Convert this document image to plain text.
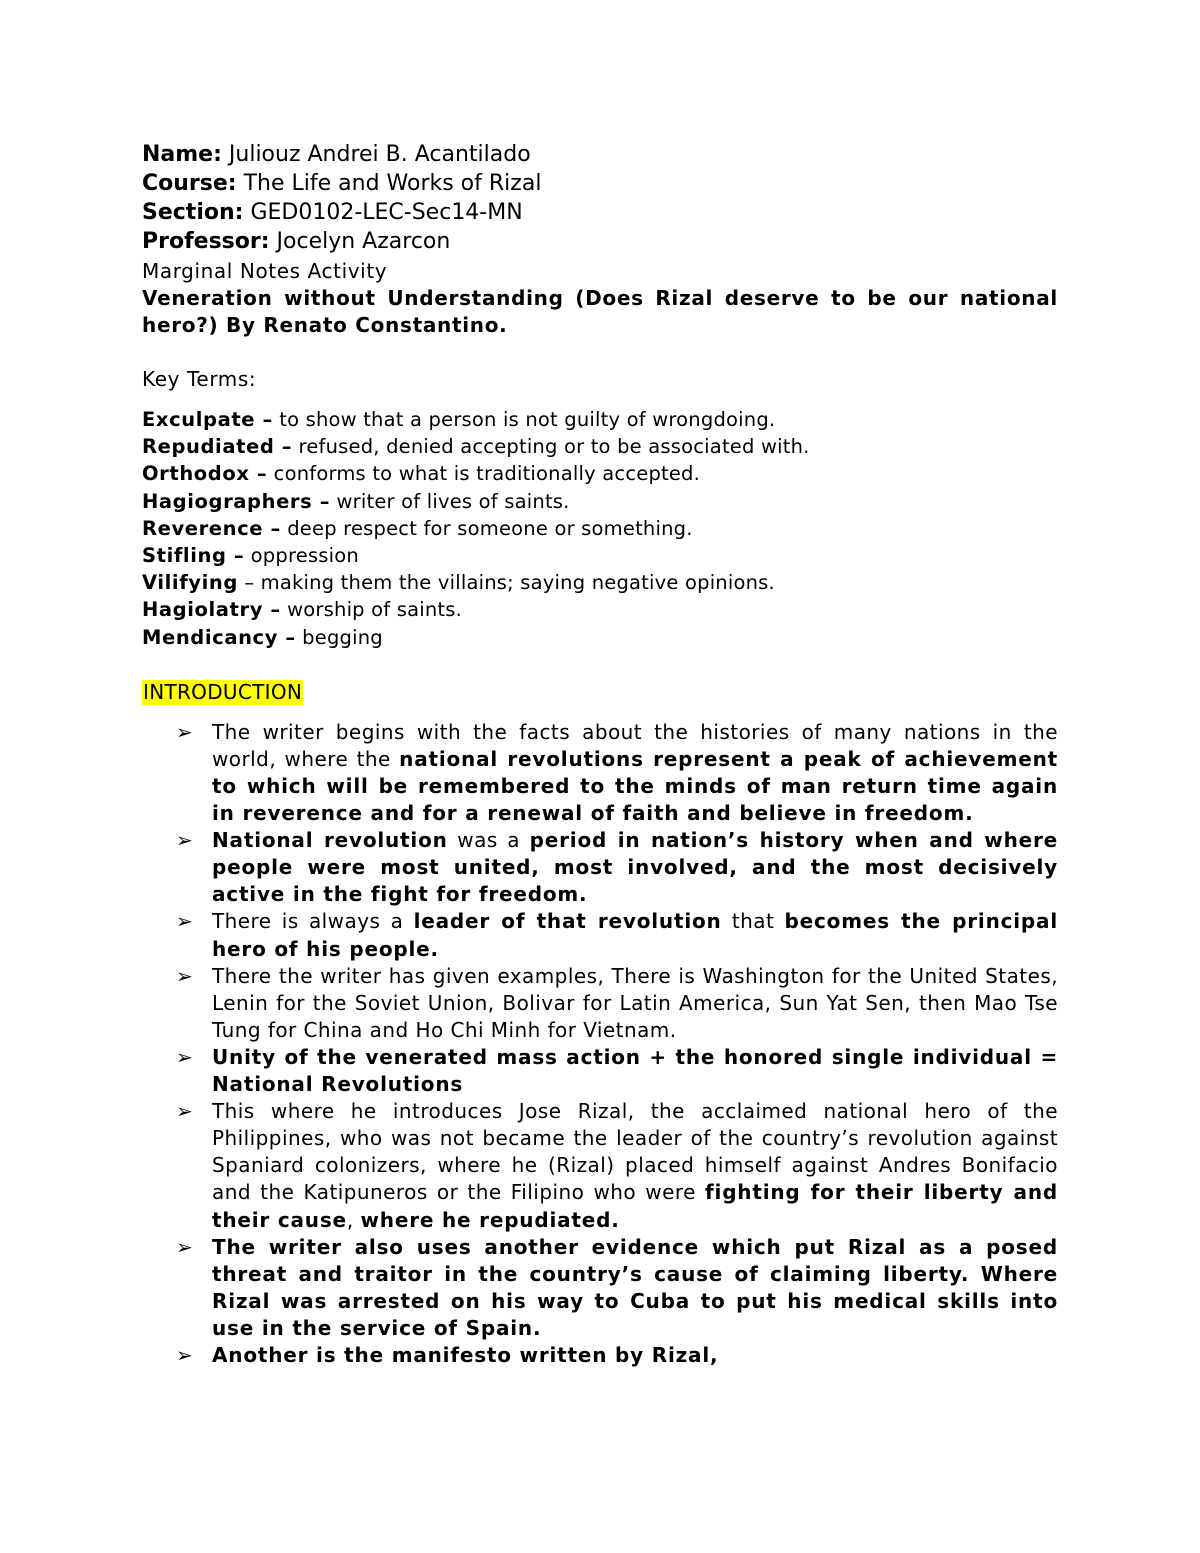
Name: Juliouz Andrei B. Acantilado

Course: The Life and Works of Rizal

Section: GED0102-LEC-Sec14-MN

Professor: Jocelyn Azarcon

Marginal Notes Activity

Veneration without Understanding (Does Rizal deserve to be our national hero?) By Renato Constantino.

Key Terms:

Exculpate – to show that a person is not guilty of wrongdoing.

Repudiated – refused, denied accepting or to be associated with.

Orthodox – conforms to what is traditionally accepted.

Hagiographers – writer of lives of saints.

Reverence – deep respect for someone or something.

Stifling – oppression

Vilifying – making them the villains; saying negative opinions.

Hagiolatry – worship of saints.

Mendicancy – begging

INTRODUCTION
➢ The writer begins with the facts about the histories of many nations in the world, where the national revolutions represent a peak of achievement to which will be remembered to the minds of man return time again in reverence and for a renewal of faith and believe in freedom.
➢ National revolution was a period in nation’s history when and where people were most united, most involved, and the most decisively active in the fight for freedom.
➢ There is always a leader of that revolution that becomes the principal hero of his people.
➢ There the writer has given examples, There is Washington for the United States, Lenin for the Soviet Union, Bolivar for Latin America, Sun Yat Sen, then Mao Tse Tung for China and Ho Chi Minh for Vietnam.
➢ Unity of the venerated mass action + the honored single individual = National Revolutions
➢ This where he introduces Jose Rizal, the acclaimed national hero of the Philippines, who was not became the leader of the country’s revolution against Spaniard colonizers, where he (Rizal) placed himself against Andres Bonifacio and the Katipuneros or the Filipino who were fighting for their liberty and their cause, where he repudiated.
➢ The writer also uses another evidence which put Rizal as a posed threat and traitor in the country’s cause of claiming liberty. Where Rizal was arrested on his way to Cuba to put his medical skills into use in the service of Spain.
➢ Another is the manifesto written by Rizal,
